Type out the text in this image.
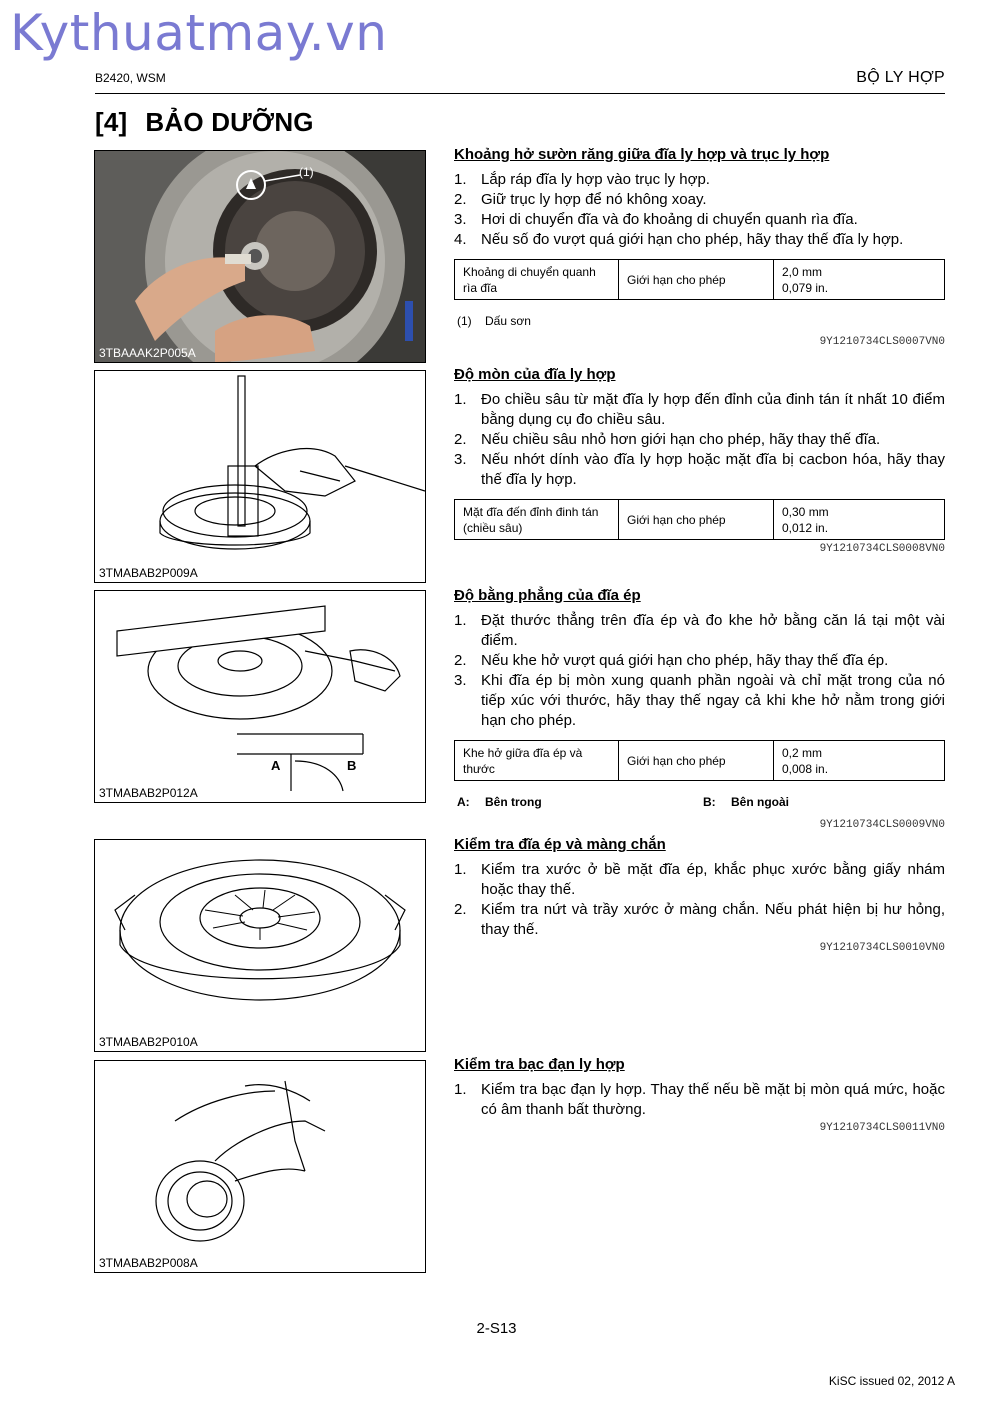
Kythuatmay.vn
B2420, WSM	BỘ LY HỢP
[4] BẢO DƯỠNG
(1)
3TBAAAK2P005A
3TMABAB2P009A
A	B
3TMABAB2P012A
3TMABAB2P010A
3TMABAB2P008A
Khoảng hở sườn răng giữa đĩa ly hợp và trục ly hợp
1. Lắp ráp đĩa ly hợp vào trục ly hợp.
2. Giữ trục ly hợp để nó không xoay.
3. Hơi di chuyển đĩa và đo khoảng di chuyển quanh rìa đĩa.
4. Nếu số đo vượt quá giới hạn cho phép, hãy thay thế đĩa ly hợp.
Khoảng di chuyển quanh rìa đĩa	Giới hạn cho phép	2,0 mm
0,079 in.
(1) Dấu sơn
9Y1210734CLS0007VN0
Độ mòn của đĩa ly hợp
1. Đo chiều sâu từ mặt đĩa ly hợp đến đỉnh của đinh tán ít nhất 10 điểm bằng dụng cụ đo chiều sâu.
2. Nếu chiều sâu nhỏ hơn giới hạn cho phép, hãy thay thế đĩa.
3. Nếu nhớt dính vào đĩa ly hợp hoặc mặt đĩa bị cacbon hóa, hãy thay thế đĩa ly hợp.
Mặt đĩa đến đỉnh đinh tán (chiều sâu)	Giới hạn cho phép	0,30 mm
0,012 in.
9Y1210734CLS0008VN0
Độ bằng phẳng của đĩa ép
1. Đặt thước thẳng trên đĩa ép và đo khe hở bằng căn lá tại một vài điểm.
2. Nếu khe hở vượt quá giới hạn cho phép, hãy thay thế đĩa ép.
3. Khi đĩa ép bị mòn xung quanh phần ngoài và chỉ mặt trong của nó tiếp xúc với thước, hãy thay thế ngay cả khi khe hở nằm trong giới hạn cho phép.
Khe hở giữa đĩa ép và thước	Giới hạn cho phép	0,2 mm
0,008 in.
A: Bên trong	B: Bên ngoài
9Y1210734CLS0009VN0
Kiểm tra đĩa ép và màng chắn
1. Kiểm tra xước ở bề mặt đĩa ép, khắc phục xước bằng giấy nhám hoặc thay thế.
2. Kiểm tra nứt và trầy xước ở màng chắn. Nếu phát hiện bị hư hỏng, thay thế.
9Y1210734CLS0010VN0
Kiểm tra bạc đạn ly hợp
1. Kiểm tra bạc đạn ly hợp. Thay thế nếu bề mặt bị mòn quá mức, hoặc có âm thanh bất thường.
9Y1210734CLS0011VN0
2-S13
KiSC issued 02, 2012 A
